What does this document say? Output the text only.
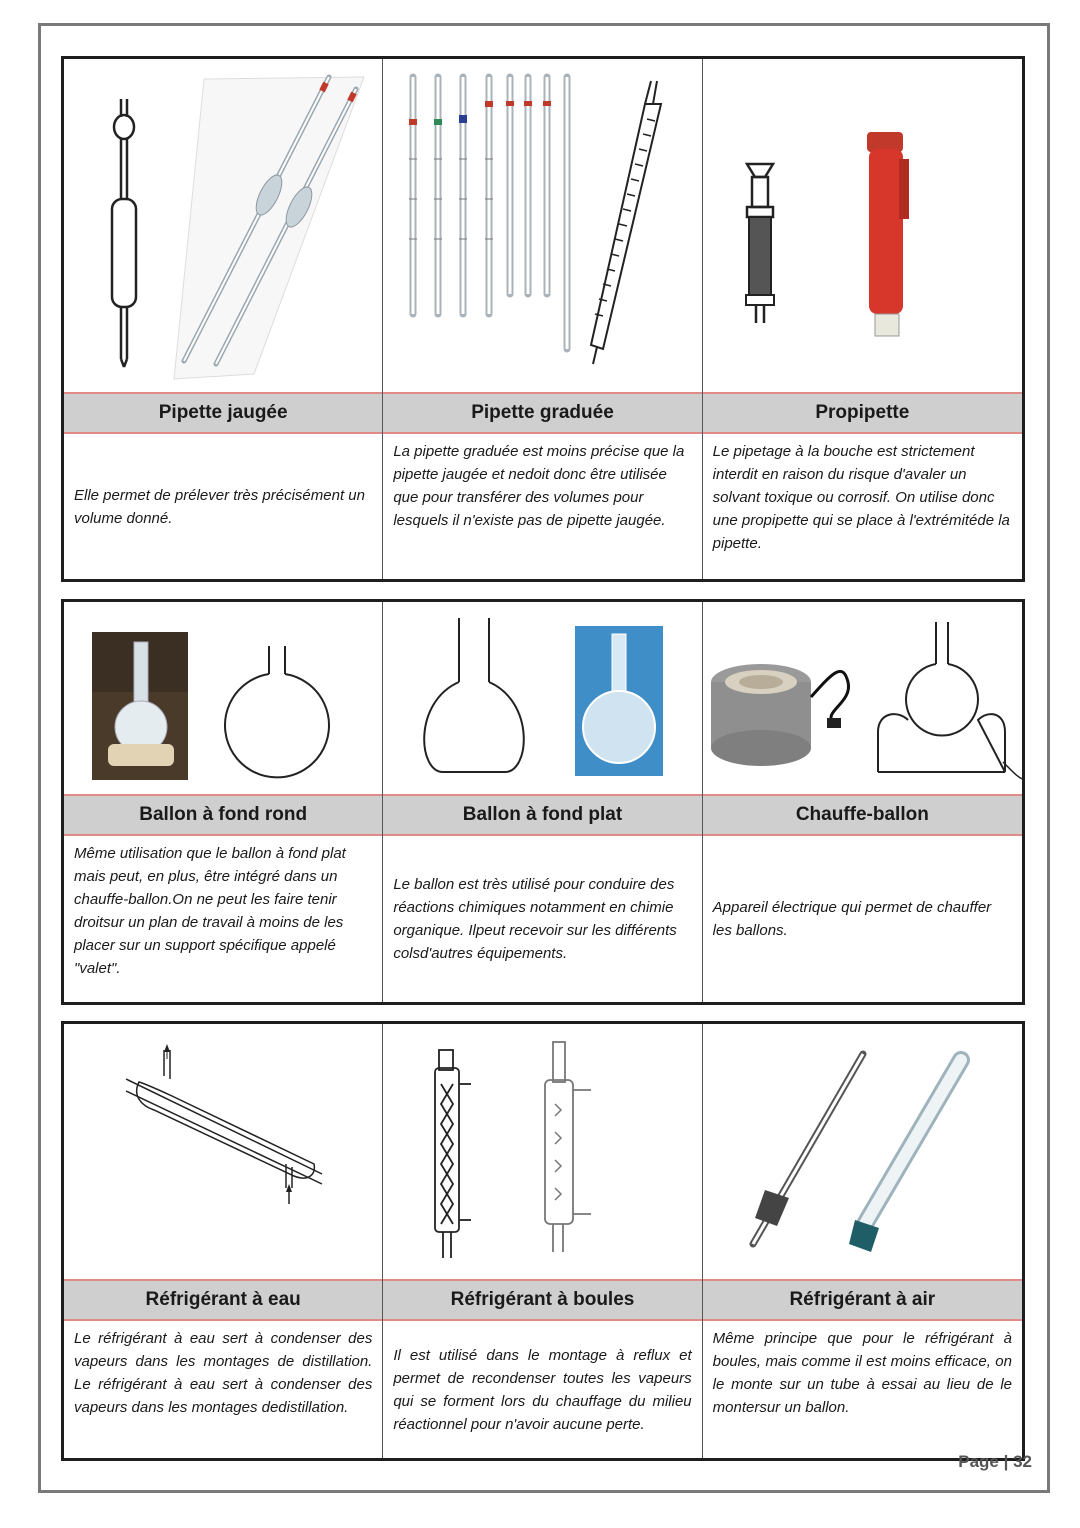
Pipette jaugée
Elle permet de prélever très précisément un volume donné.
Pipette graduée
La pipette graduée est moins précise que la pipette jaugée et nedoit donc être utilisée que pour transférer des volumes pour lesquels il n'existe pas de pipette jaugée.
Propipette
Le pipetage à la bouche est strictement interdit en raison du risque d'avaler un solvant toxique ou corrosif. On utilise donc une propipette qui se place à l'extrémitéde la pipette.
Ballon à fond rond
Même utilisation que le ballon à fond plat mais peut, en plus, être intégré dans un chauffe-ballon.On ne peut les faire tenir droitsur un plan de travail à moins de les placer sur un support spécifique appelé "valet".
Ballon à fond plat
Le ballon est très utilisé pour conduire des réactions chimiques notamment en chimie organique. Ilpeut recevoir sur les différents colsd'autres équipements.
Chauffe-ballon
Appareil électrique qui permet de chauffer les ballons.
Réfrigérant à eau
Le réfrigérant à eau sert à condenser des vapeurs dans les montages de distillation. Le réfrigérant à eau sert à condenser des vapeurs dans les montages dedistillation.
Réfrigérant à boules
Il est utilisé dans le montage à reflux et permet de recondenser toutes les vapeurs qui se forment lors du chauffage du milieu réactionnel pour n'avoir aucune perte.
Réfrigérant à air
Même principe que pour le réfrigérant à boules, mais comme il est moins efficace, on le monte sur un tube à essai au lieu de le montersur un ballon.
Page | 32
